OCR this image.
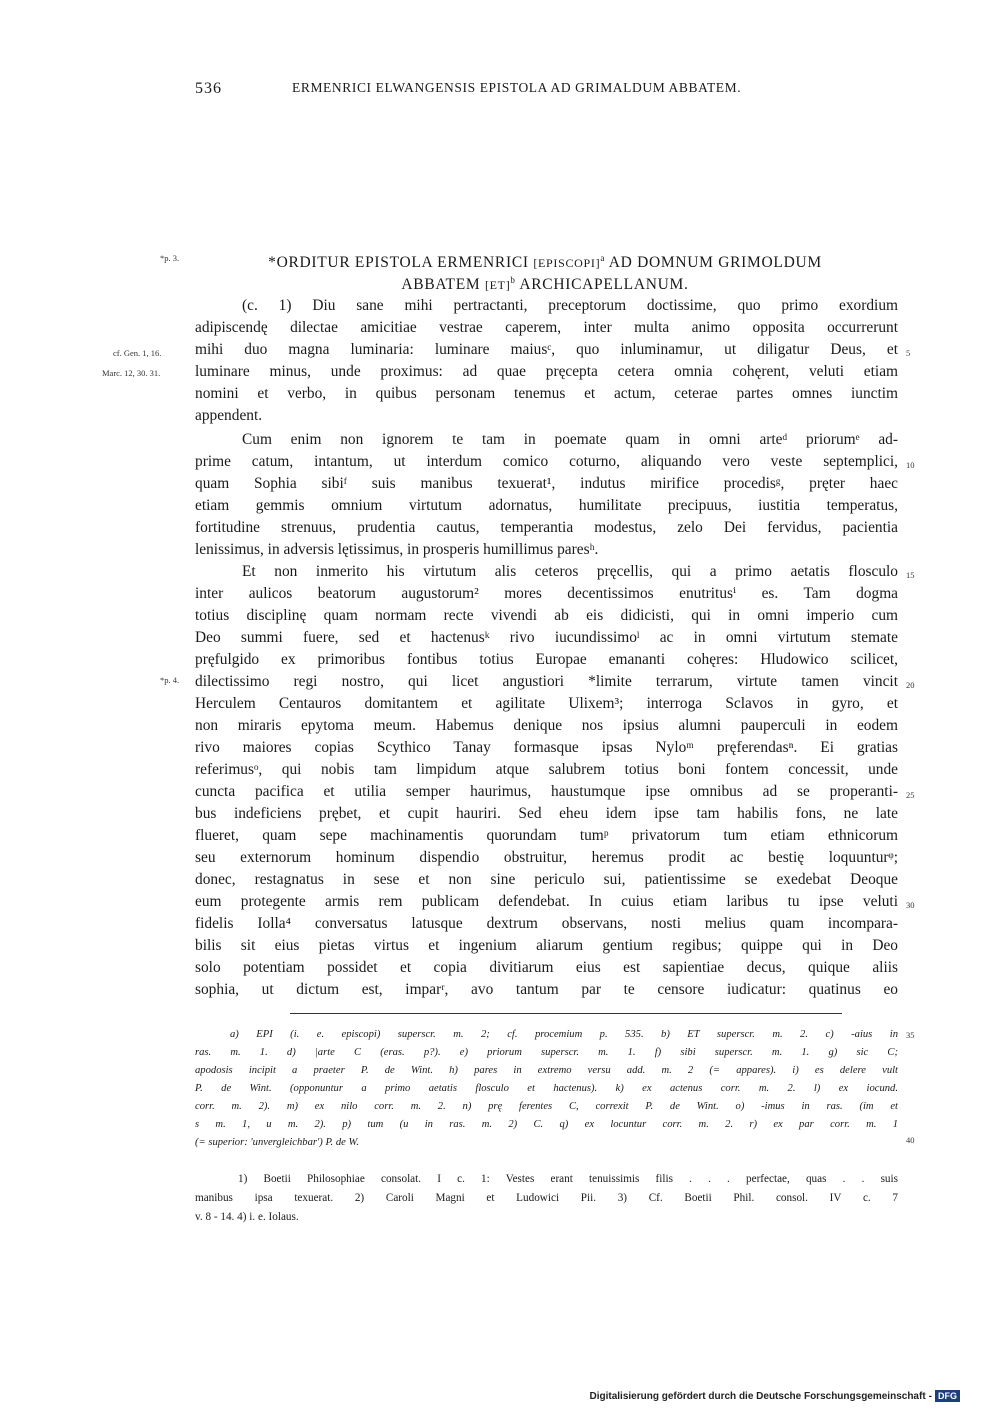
536	ERMENRICI ELWANGENSIS EPISTOLA AD GRIMALDUM ABBATEM.
*p. 3.
cf. Gen. 1, 16.
Marc. 12, 30. 31.
*p. 4.
5
10
15
20
25
30
35
40
*ORDITUR EPISTOLA ERMENRICI [EPISCOPI]$^a$ AD DOMNUM GRIMOLDUM
ABBATEM [ET]$^b$ ARCHICAPELLANUM.
(c. 1) Diu sane mihi pertractanti, preceptorum doctissime, quo primo exordium
adipiscendę dilectae amicitiae vestrae caperem, inter multa animo opposita occurrerunt
mihi duo magna luminaria: luminare maiusᶜ, quo inluminamur, ut diligatur Deus, et
luminare minus, unde proximus: ad quae pręcepta cetera omnia cohęrent, veluti etiam
nomini et verbo, in quibus personam tenemus et actum, ceterae partes omnes iunctim
appendent.
Cum enim non ignorem te tam in poemate quam in omni arteᵈ priorumᵉ ad-
prime catum, intantum, ut interdum comico coturno, aliquando vero veste septemplici,
quam Sophia sibiᶠ suis manibus texuerat¹, indutus mirifice procedisᵍ, pręter haec
etiam gemmis omnium virtutum adornatus, humilitate precipuus, iustitia temperatus,
fortitudine strenuus, prudentia cautus, temperantia modestus, zelo Dei fervidus, pacientia
lenissimus, in adversis lętissimus, in prosperis humillimus paresʰ.
Et non inmerito his virtutum alis ceteros pręcellis, qui a primo aetatis flosculo
inter aulicos beatorum augustorum² mores decentissimos enutritusⁱ es. Tam dogma
totius disciplinę quam normam recte vivendi ab eis didicisti, qui in omni imperio cum
Deo summi fuere, sed et hactenusᵏ rivo iucundissimoˡ ac in omni virtutum stemate
pręfulgido ex primoribus fontibus totius Europae emananti cohęres: Hludowico scilicet,
dilectissimo regi nostro, qui licet angustiori *limite terrarum, virtute tamen vincit
Herculem Centauros domitantem et agilitate Ulixem³; interroga Sclavos in gyro, et
non miraris epytoma meum. Habemus denique nos ipsius alumni pauperculi in eodem
rivo maiores copias Scythico Tanay formasque ipsas Nyloᵐ pręferendasⁿ. Ei gratias
referimusᵒ, qui nobis tam limpidum atque salubrem totius boni fontem concessit, unde
cuncta pacifica et utilia semper haurimus, haustumque ipse omnibus ad se properanti-
bus indeficiens prębet, et cupit hauriri. Sed eheu idem ipse tam habilis fons, ne late
flueret, quam sepe machinamentis quorundam tumᵖ privatorum tum etiam ethnicorum
seu externorum hominum dispendio obstruitur, heremus prodit ac bestię loquunturᵠ;
donec, restagnatus in sese et non sine periculo sui, patientissime se exedebat Deoque
eum protegente armis rem publicam defendebat. In cuius etiam laribus tu ipse veluti
fidelis Iolla⁴ conversatus latusque dextrum observans, nosti melius quam incompara-
bilis sit eius pietas virtus et ingenium aliarum gentium regibus; quippe qui in Deo
solo potentiam possidet et copia divitiarum eius est sapientiae decus, quique aliis
sophia, ut dictum est, imparʳ, avo tantum par te censore iudicatur: quatinus eo
a) EPI (i. e. episcopi) superscr. m. 2; cf. procemium p. 535. b) ET superscr. m. 2. c) -aius in
ras. m. 1. d) |arte C (eras. p?). e) priorum superscr. m. 1. f) sibi superscr. m. 1. g) sic C;
apodosis incipit a praeter P. de Wint. h) pares in extremo versu add. m. 2 (= appares). i) es delere vult
P. de Wint. (opponuntur a primo aetatis flosculo et hactenus). k) ex actenus corr. m. 2. l) ex iocund.
corr. m. 2). m) ex nilo corr. m. 2. n) prę ferentes C, correxit P. de Wint. o) -imus in ras. (im et
s m. 1, u m. 2). p) tum (u in ras. m. 2) C. q) ex locuntur corr. m. 2. r) ex par corr. m. 1
(= superior: 'unvergleichbar') P. de W.
1) Boetii Philosophiae consolat. I c. 1: Vestes erant tenuissimis filis . . . perfectae, quas . . suis
manibus ipsa texuerat. 2) Caroli Magni et Ludowici Pii. 3) Cf. Boetii Phil. consol. IV c. 7
v. 8 - 14. 4) i. e. Iolaus.
Digitalisierung gefördert durch die Deutsche Forschungsgemeinschaft - DFG
